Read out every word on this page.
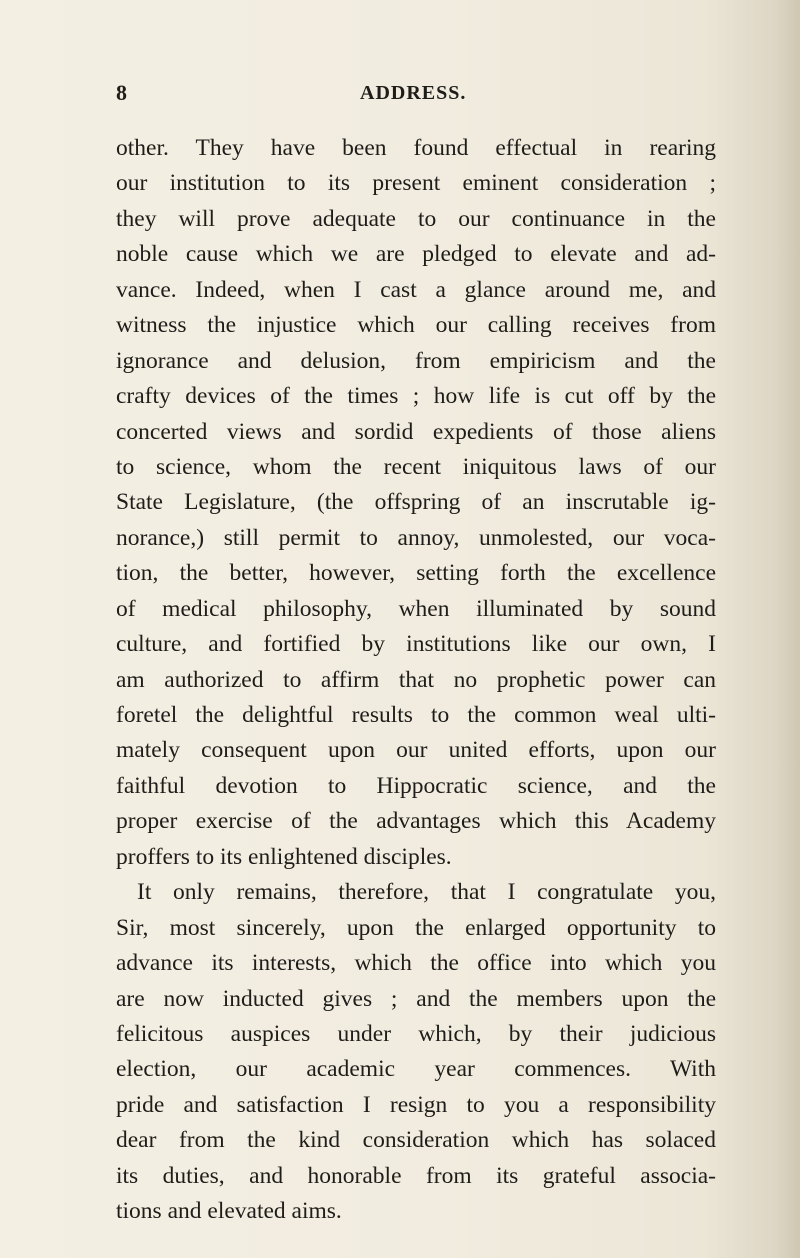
8	ADDRESS.
other. They have been found effectual in rearing
our institution to its present eminent consideration ;
they will prove adequate to our continuance in the
noble cause which we are pledged to elevate and ad-
vance. Indeed, when I cast a glance around me, and
witness the injustice which our calling receives from
ignorance and delusion, from empiricism and the
crafty devices of the times ; how life is cut off by the
concerted views and sordid expedients of those aliens
to science, whom the recent iniquitous laws of our
State Legislature, (the offspring of an inscrutable ig-
norance,) still permit to annoy, unmolested, our voca-
tion, the better, however, setting forth the excellence
of medical philosophy, when illuminated by sound
culture, and fortified by institutions like our own, I
am authorized to affirm that no prophetic power can
foretel the delightful results to the common weal ulti-
mately consequent upon our united efforts, upon our
faithful devotion to Hippocratic science, and the
proper exercise of the advantages which this Academy
proffers to its enlightened disciples.
It only remains, therefore, that I congratulate you,
Sir, most sincerely, upon the enlarged opportunity to
advance its interests, which the office into which you
are now inducted gives ; and the members upon the
felicitous auspices under which, by their judicious
election, our academic year commences. With
pride and satisfaction I resign to you a responsibility
dear from the kind consideration which has solaced
its duties, and honorable from its grateful associa-
tions and elevated aims.
